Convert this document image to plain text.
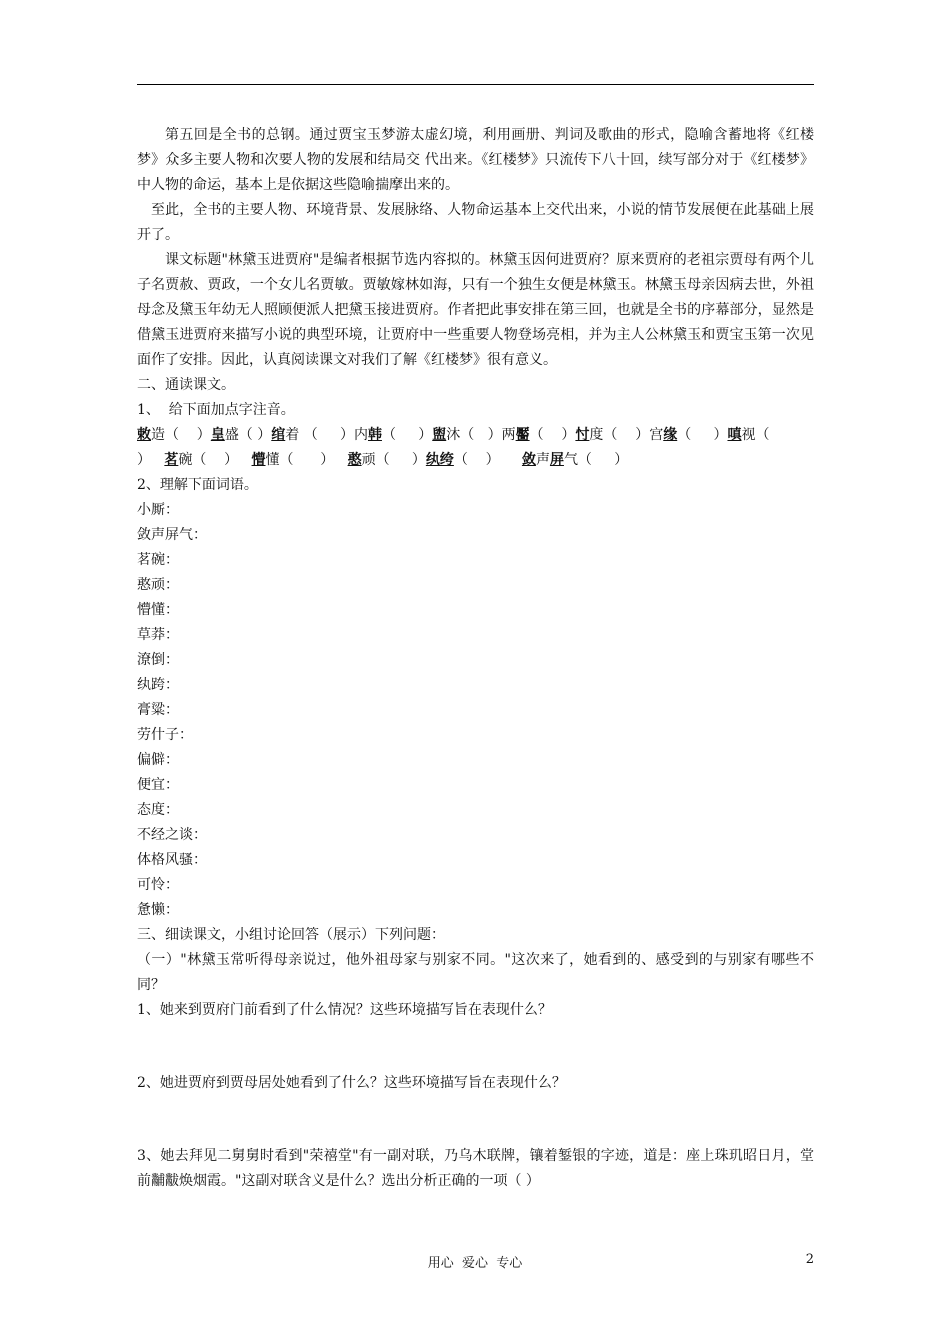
第五回是全书的总钢。通过贾宝玉梦游太虚幻境，利用画册、判词及歌曲的形式，隐喻含蓄地将《红楼梦》众多主要人物和次要人物的发展和结局交 代出来。《红楼梦》只流传下八十回，续写部分对于《红楼梦》中人物的命运，基本上是依据这些隐喻揣摩出来的。
至此，全书的主要人物、环境背景、发展脉络、人物命运基本上交代出来，小说的情节发展便在此基础上展开了。
课文标题"林黛玉进贾府"是编者根据节选内容拟的。林黛玉因何进贾府？原来贾府的老祖宗贾母有两个儿子名贾赦、贾政，一个女儿名贾敏。贾敏嫁林如海，只有一个独生女便是林黛玉。林黛玉母亲因病去世，外祖母念及黛玉年幼无人照顾便派人把黛玉接进贾府。作者把此事安排在第三回，也就是全书的序幕部分，显然是借黛玉进贾府来描写小说的典型环境，让贾府中一些重要人物登场亮相，并为主人公林黛玉和贾宝玉第一次见面作了安排。因此，认真阅读课文对我们了解《红楼梦》很有意义。
二、通读课文。
1、  给下面加点字注音。
敕造（    ）皇盛（ ）绾着 （     ）内韩（     ）盥沐（   ）两靨（    ）忖度（    ）宫缘（     ）嗔视（
）   茗碗（    ） 懵懂（      ） 憨顽（     ）纨绔（    ） 敛声屏气（     ）
2、理解下面词语。
小厮：
敛声屏气：
茗碗：
憨顽：
懵懂：
草莽：
潦倒：
纨跨：
膏粱：
劳什子：
偏僻：
便宜：
态度：
不经之谈：
体格风骚：
可怜：
惫懒：
三、细读课文，小组讨论回答（展示）下列问题：
（一）"林黛玉常听得母亲说过，他外祖母家与别家不同。"这次来了，她看到的、感受到的与别家有哪些不同？
1、她来到贾府门前看到了什么情况？这些环境描写旨在表现什么？
2、她进贾府到贾母居处她看到了什么？这些环境描写旨在表现什么？
3、她去拜见二舅舅时看到"荣禧堂"有一副对联，乃乌木联牌，镶着錾银的字迹，道是：座上珠玑昭日月，堂前黼黻焕烟霞。"这副对联含义是什么？选出分析正确的一项（ ）
用心  爱心  专心	2
